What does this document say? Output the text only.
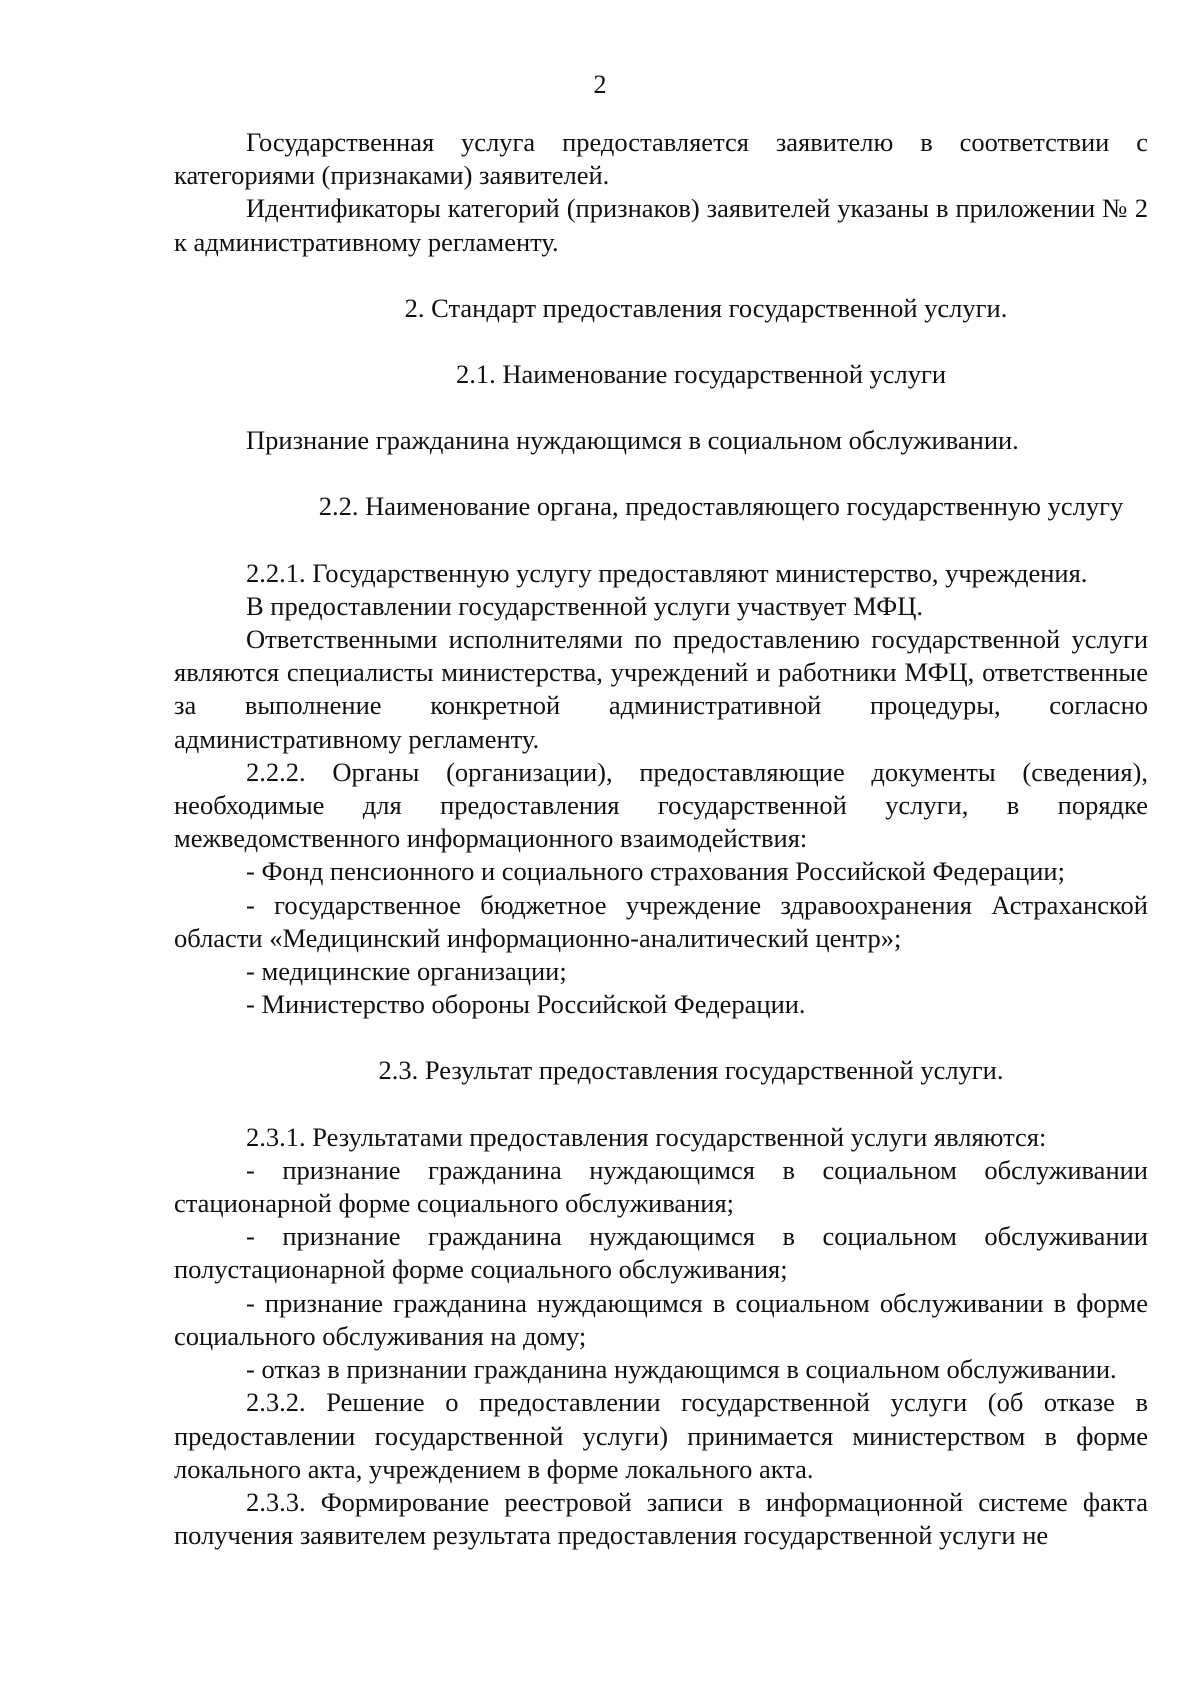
2

Государственная услуга предоставляется заявителю в соответствии с категориями (признаками) заявителей.

Идентификаторы категорий (признаков) заявителей указаны в приложении № 2 к административному регламенту.

2. Стандарт предоставления государственной услуги.

2.1. Наименование государственной услуги

Признание гражданина нуждающимся в социальном обслуживании.

2.2. Наименование органа, предоставляющего государственную услугу

2.2.1. Государственную услугу предоставляют министерство, учреждения.

В предоставлении государственной услуги участвует МФЦ.

Ответственными исполнителями по предоставлению государственной услуги являются специалисты министерства, учреждений и работники МФЦ, ответственные за выполнение конкретной административной процедуры, согласно административному регламенту.

2.2.2. Органы (организации), предоставляющие документы (сведения), необходимые для предоставления государственной услуги, в порядке межведомственного информационного взаимодействия:

- Фонд пенсионного и социального страхования Российской Федерации;

- государственное бюджетное учреждение здравоохранения Астраханской области «Медицинский информационно-аналитический центр»;

- медицинские организации;

- Министерство обороны Российской Федерации.

2.3. Результат предоставления государственной услуги.

2.3.1. Результатами предоставления государственной услуги являются:

- признание гражданина нуждающимся в социальном обслуживании стационарной форме социального обслуживания;

- признание гражданина нуждающимся в социальном обслуживании полустационарной форме социального обслуживания;

- признание гражданина нуждающимся в социальном обслуживании в форме социального обслуживания на дому;

- отказ в признании гражданина нуждающимся в социальном обслуживании.

2.3.2. Решение о предоставлении государственной услуги (об отказе в предоставлении государственной услуги) принимается министерством в форме локального акта, учреждением в форме локального акта.

2.3.3. Формирование реестровой записи в информационной системе факта получения заявителем результата предоставления государственной услуги не
